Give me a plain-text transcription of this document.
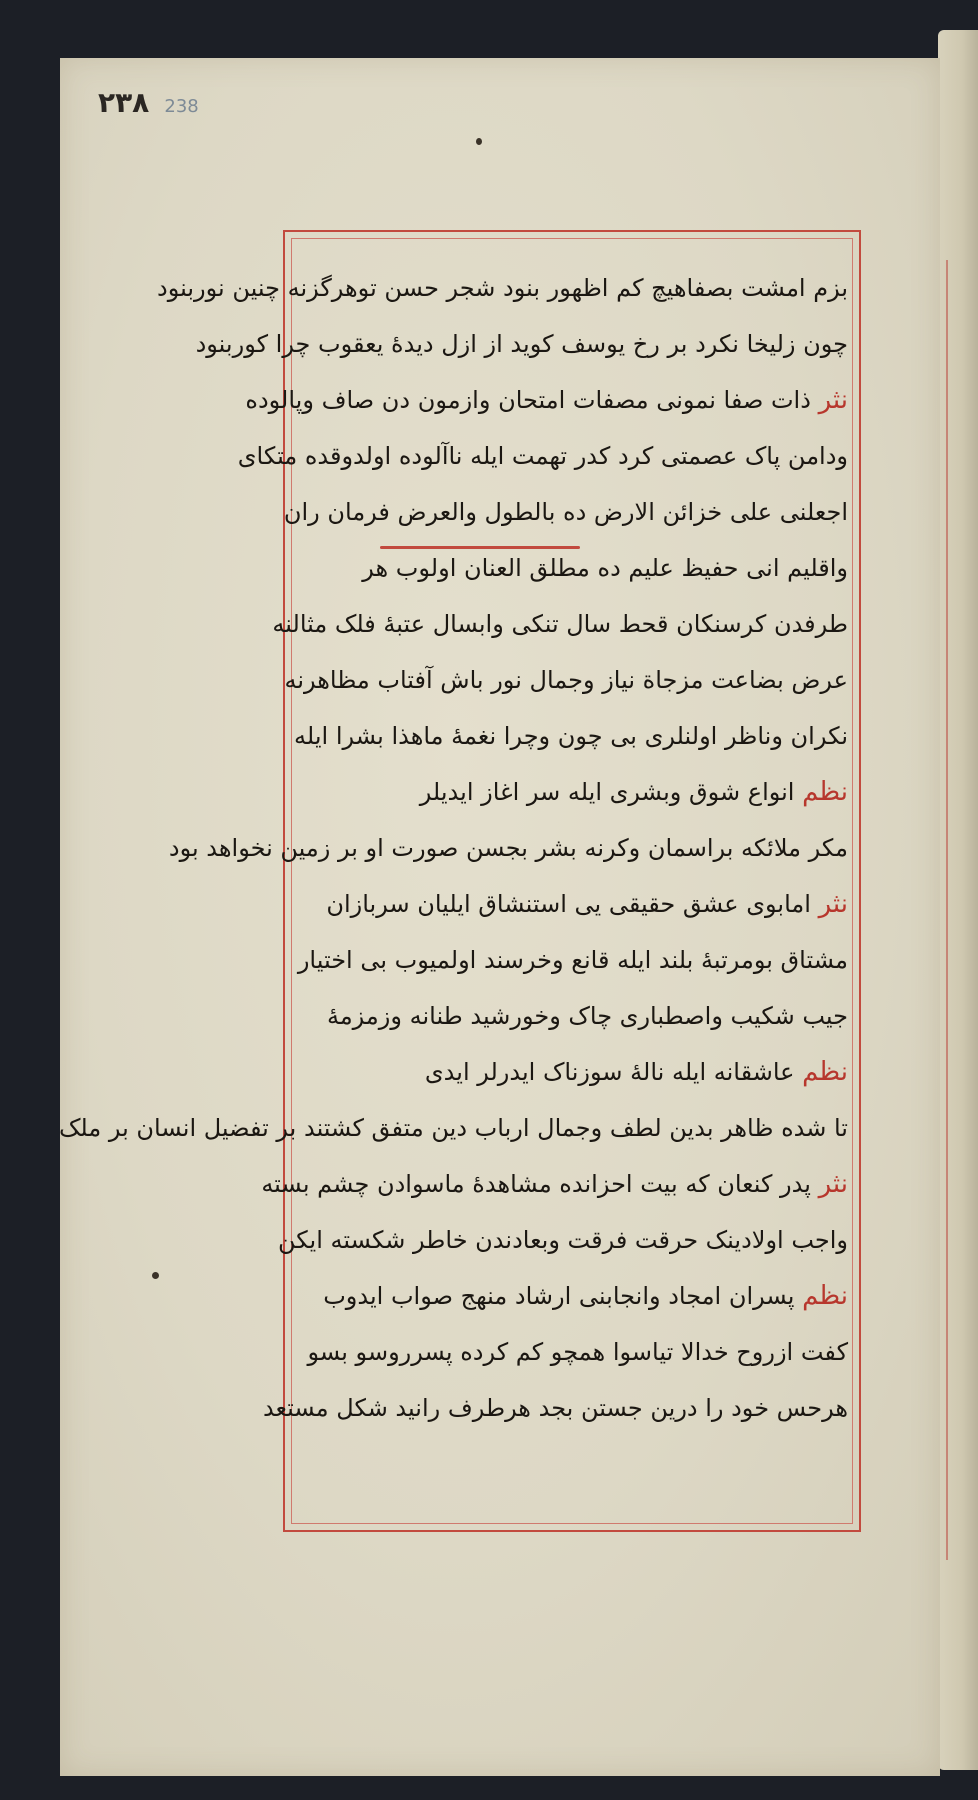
٢٣٨ 238
بزم امشت بصفاهیچ کم اظهور بنود شجر حسن توهرگزنه چنین نوربنود
چون زلیخا نکرد بر رخ یوسف کوید از ازل دیدهٔ یعقوب چرا کوربنود
نثر ذات صفا نمونی مصفات امتحان وازمون دن صاف وپالوده
ودامن پاک عصمتی کرد کدر تهمت ایله ناآلوده اولدوقده متکای
اجعلنی علی خزائن الارض ده بالطول والعرض فرمان ران
واقلیم انی حفیظ علیم ده مطلق العنان اولوب هر
طرفدن کرسنکان قحط سال تنکی وابسال عتبهٔ فلک مثالنه
عرض بضاعت مزجاة نیاز وجمال نور باش آفتاب مظاهرنه
نکران وناظر اولنلری بی چون وچرا نغمهٔ ماهذا بشرا ایله
نظم انواع شوق وبشری ایله سر اغاز ایدیلر
مکر ملائکه براسمان وکرنه بشر بجسن صورت او بر زمین نخواهد بود
نثر امابوی عشق حقیقی یی استنشاق ایلیان سربازان
مشتاق بومرتبهٔ بلند ایله قانع وخرسند اولمیوب بی اختیار
جیب شکیب واصطباری چاک وخورشید طنانه وزمزمهٔ
نظم عاشقانه ایله نالهٔ سوزناک ایدرلر ایدی
تا شده ظاهر بدین لطف وجمال ارباب دین متفق کشتند بر تفضیل انسان بر ملک
نثر پدر کنعان که بیت احزانده مشاهدهٔ ماسوادن چشم بسته
واجب اولادینک حرقت فرقت وبعادندن خاطر شکسته ایکن
نظم پسران امجاد وانجابنی ارشاد منهج صواب ایدوب
کفت ازروح خدالا تیاسوا همچو کم کرده پسرروسو بسو
هرحس خود را درین جستن بجد هرطرف رانید شکل مستعد
